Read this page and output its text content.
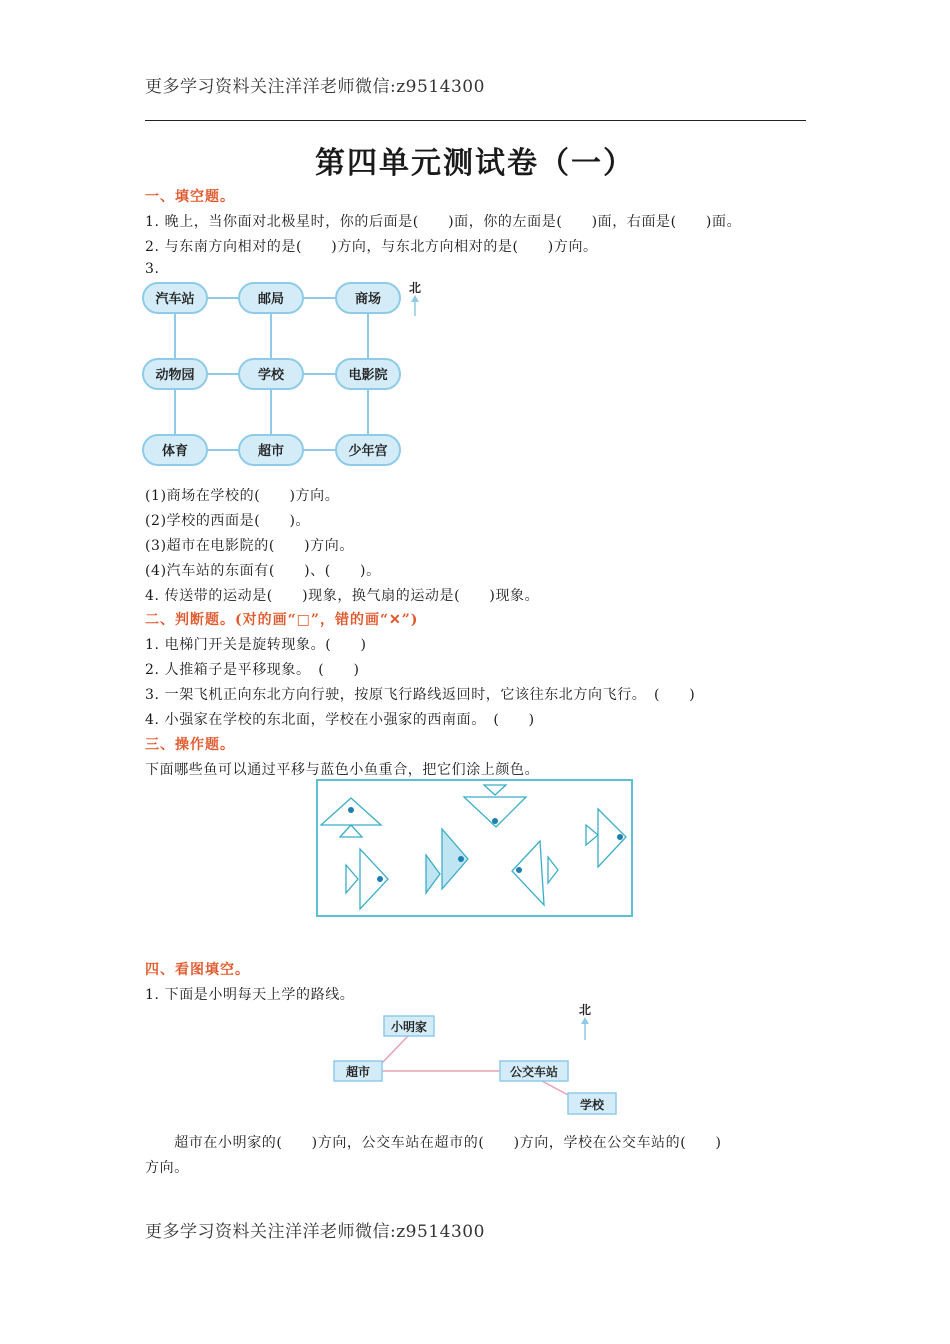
更多学习资料关注洋洋老师微信:z9514300
第四单元测试卷（一）
一、填空题。
1. 晚上，当你面对北极星时，你的后面是(　　)面，你的左面是(　　)面，右面是(　　)面。
2. 与东南方向相对的是(　　)方向，与东北方向相对的是(　　)方向。
3.
汽车站	邮局	商场
动物园	学校	电影院
体育	超市	少年宫
北
(1)商场在学校的(　　)方向。
(2)学校的西面是(　　)。
(3)超市在电影院的(　　)方向。
(4)汽车站的东面有(　　)、(　　)。
4. 传送带的运动是(　　)现象，换气扇的运动是(　　)现象。
二、判断题。(对的画“□”，错的画“✕”)
1. 电梯门开关是旋转现象。(　　)
2. 人推箱子是平移现象。　(　　)
3. 一架飞机正向东北方向行驶，按原飞行路线返回时，它该往东北方向飞行。　(　　)
4. 小强家在学校的东北面，学校在小强家的西南面。　(　　)
三、操作题。
下面哪些鱼可以通过平移与蓝色小鱼重合，把它们涂上颜色。
四、看图填空。
1. 下面是小明每天上学的路线。
小明家
超市	公交车站
学校
北
　　超市在小明家的(　　)方向，公交车站在超市的(　　)方向，学校在公交车站的(　　)
方向。
更多学习资料关注洋洋老师微信:z9514300
